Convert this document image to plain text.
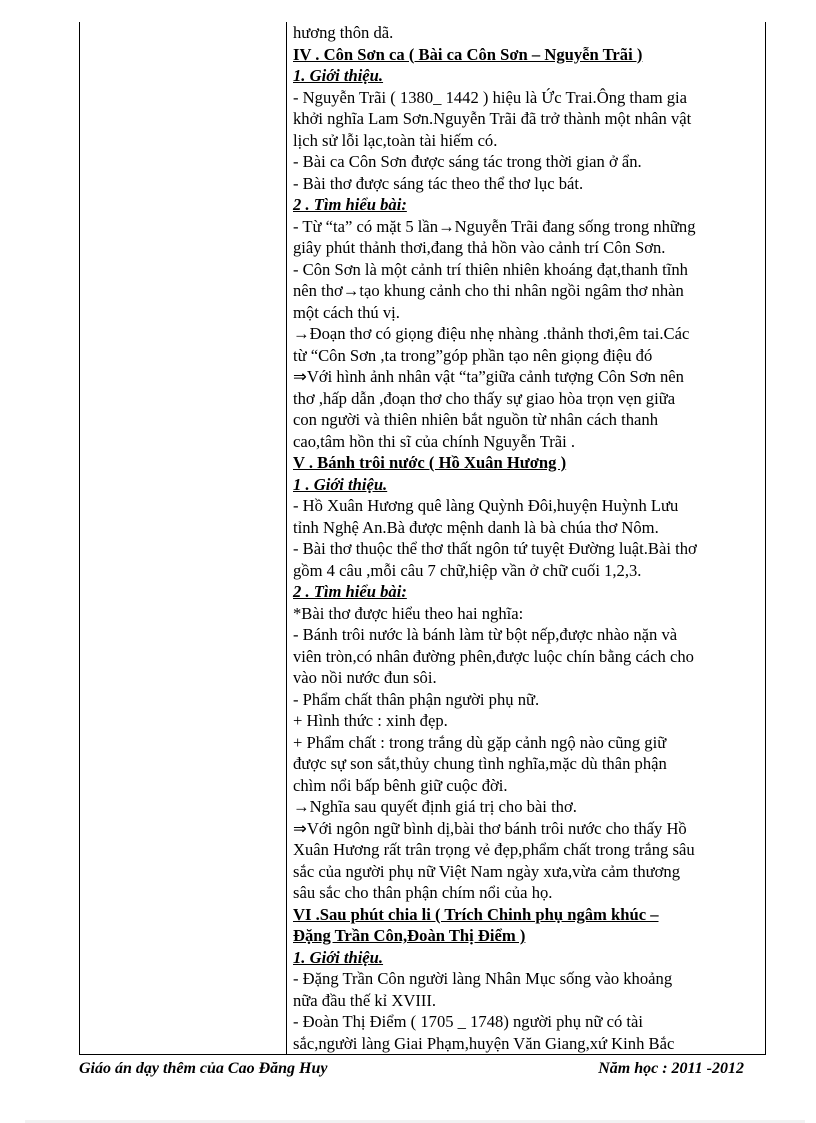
hương thôn dã.
IV . Côn Sơn ca ( Bài ca Côn Sơn – Nguyễn Trãi )
1. Giới thiệu.
- Nguyễn Trãi ( 1380_ 1442 ) hiệu là Ức Trai.Ông tham gia
khởi nghĩa Lam Sơn.Nguyễn Trãi đã trở thành một nhân vật
lịch sử lỗi lạc,toàn tài hiếm có.
- Bài ca Côn Sơn được sáng tác trong thời gian ở ẩn.
- Bài thơ được sáng tác theo thể thơ lục bát.
2 . Tìm hiểu bài:
- Từ “ta” có mặt 5 lần→Nguyễn Trãi đang sống trong những
giây phút thảnh thơi,đang thả hồn vào cảnh trí Côn Sơn.
- Côn Sơn là một cảnh trí thiên nhiên khoáng đạt,thanh tĩnh
nên thơ→tạo khung cảnh cho thi nhân ngồi ngâm thơ nhàn
một cách thú vị.
→Đoạn thơ có giọng điệu nhẹ nhàng .thảnh thơi,êm tai.Các
từ “Côn Sơn ,ta trong”góp phần tạo nên giọng điệu đó
⇒Với hình ảnh nhân vật “ta”giữa cảnh tượng Côn Sơn nên
thơ ,hấp dẫn ,đoạn thơ cho thấy sự giao hòa trọn vẹn giữa
con người và thiên nhiên bắt nguồn từ nhân cách thanh
cao,tâm hồn thi sĩ của chính Nguyễn Trãi .
V . Bánh trôi nước ( Hồ Xuân Hương )
1 . Giới thiệu.
- Hồ Xuân Hương quê làng Quỳnh Đôi,huyện Huỳnh Lưu
tỉnh Nghệ An.Bà được mệnh danh là bà chúa thơ Nôm.
- Bài thơ thuộc thể thơ thất ngôn tứ tuyệt Đường luật.Bài thơ
gồm 4 câu ,mỗi câu 7 chữ,hiệp vần ở chữ cuối 1,2,3.
2 . Tìm hiểu bài:
*Bài thơ được hiểu theo hai nghĩa:
- Bánh trôi nước là bánh làm từ bột nếp,được nhào nặn và
viên tròn,có nhân đường phên,được luộc chín bằng cách cho
vào nồi nước đun sôi.
- Phẩm chất thân phận người phụ nữ.
+ Hình thức : xinh đẹp.
+ Phẩm chất : trong trắng dù gặp cảnh ngộ nào cũng giữ
được sự son sắt,thủy chung tình nghĩa,mặc dù thân phận
chìm nổi bấp bênh giữ cuộc đời.
→Nghĩa sau quyết định giá trị cho bài thơ.
⇒Với ngôn ngữ bình dị,bài thơ bánh trôi nước cho thấy Hồ
Xuân Hương rất trân trọng vẻ đẹp,phẩm chất trong trắng sâu
sắc của người phụ nữ Việt Nam ngày xưa,vừa cảm thương
sâu sắc cho thân phận chím nổi của họ.
VI .Sau phút chia li ( Trích Chinh phụ ngâm khúc –
Đặng Trần Côn,Đoàn Thị Điểm )
1. Giới thiệu.
- Đặng Trần Côn người làng Nhân Mục sống vào khoảng
nữa đầu thế kỉ XVIII.
- Đoàn Thị Điểm ( 1705 _ 1748) người phụ nữ có tài
sắc,người làng Giai Phạm,huyện Văn Giang,xứ Kinh Bắc
Giáo án dạy thêm của Cao Đăng Huy	Năm học : 2011 -2012
